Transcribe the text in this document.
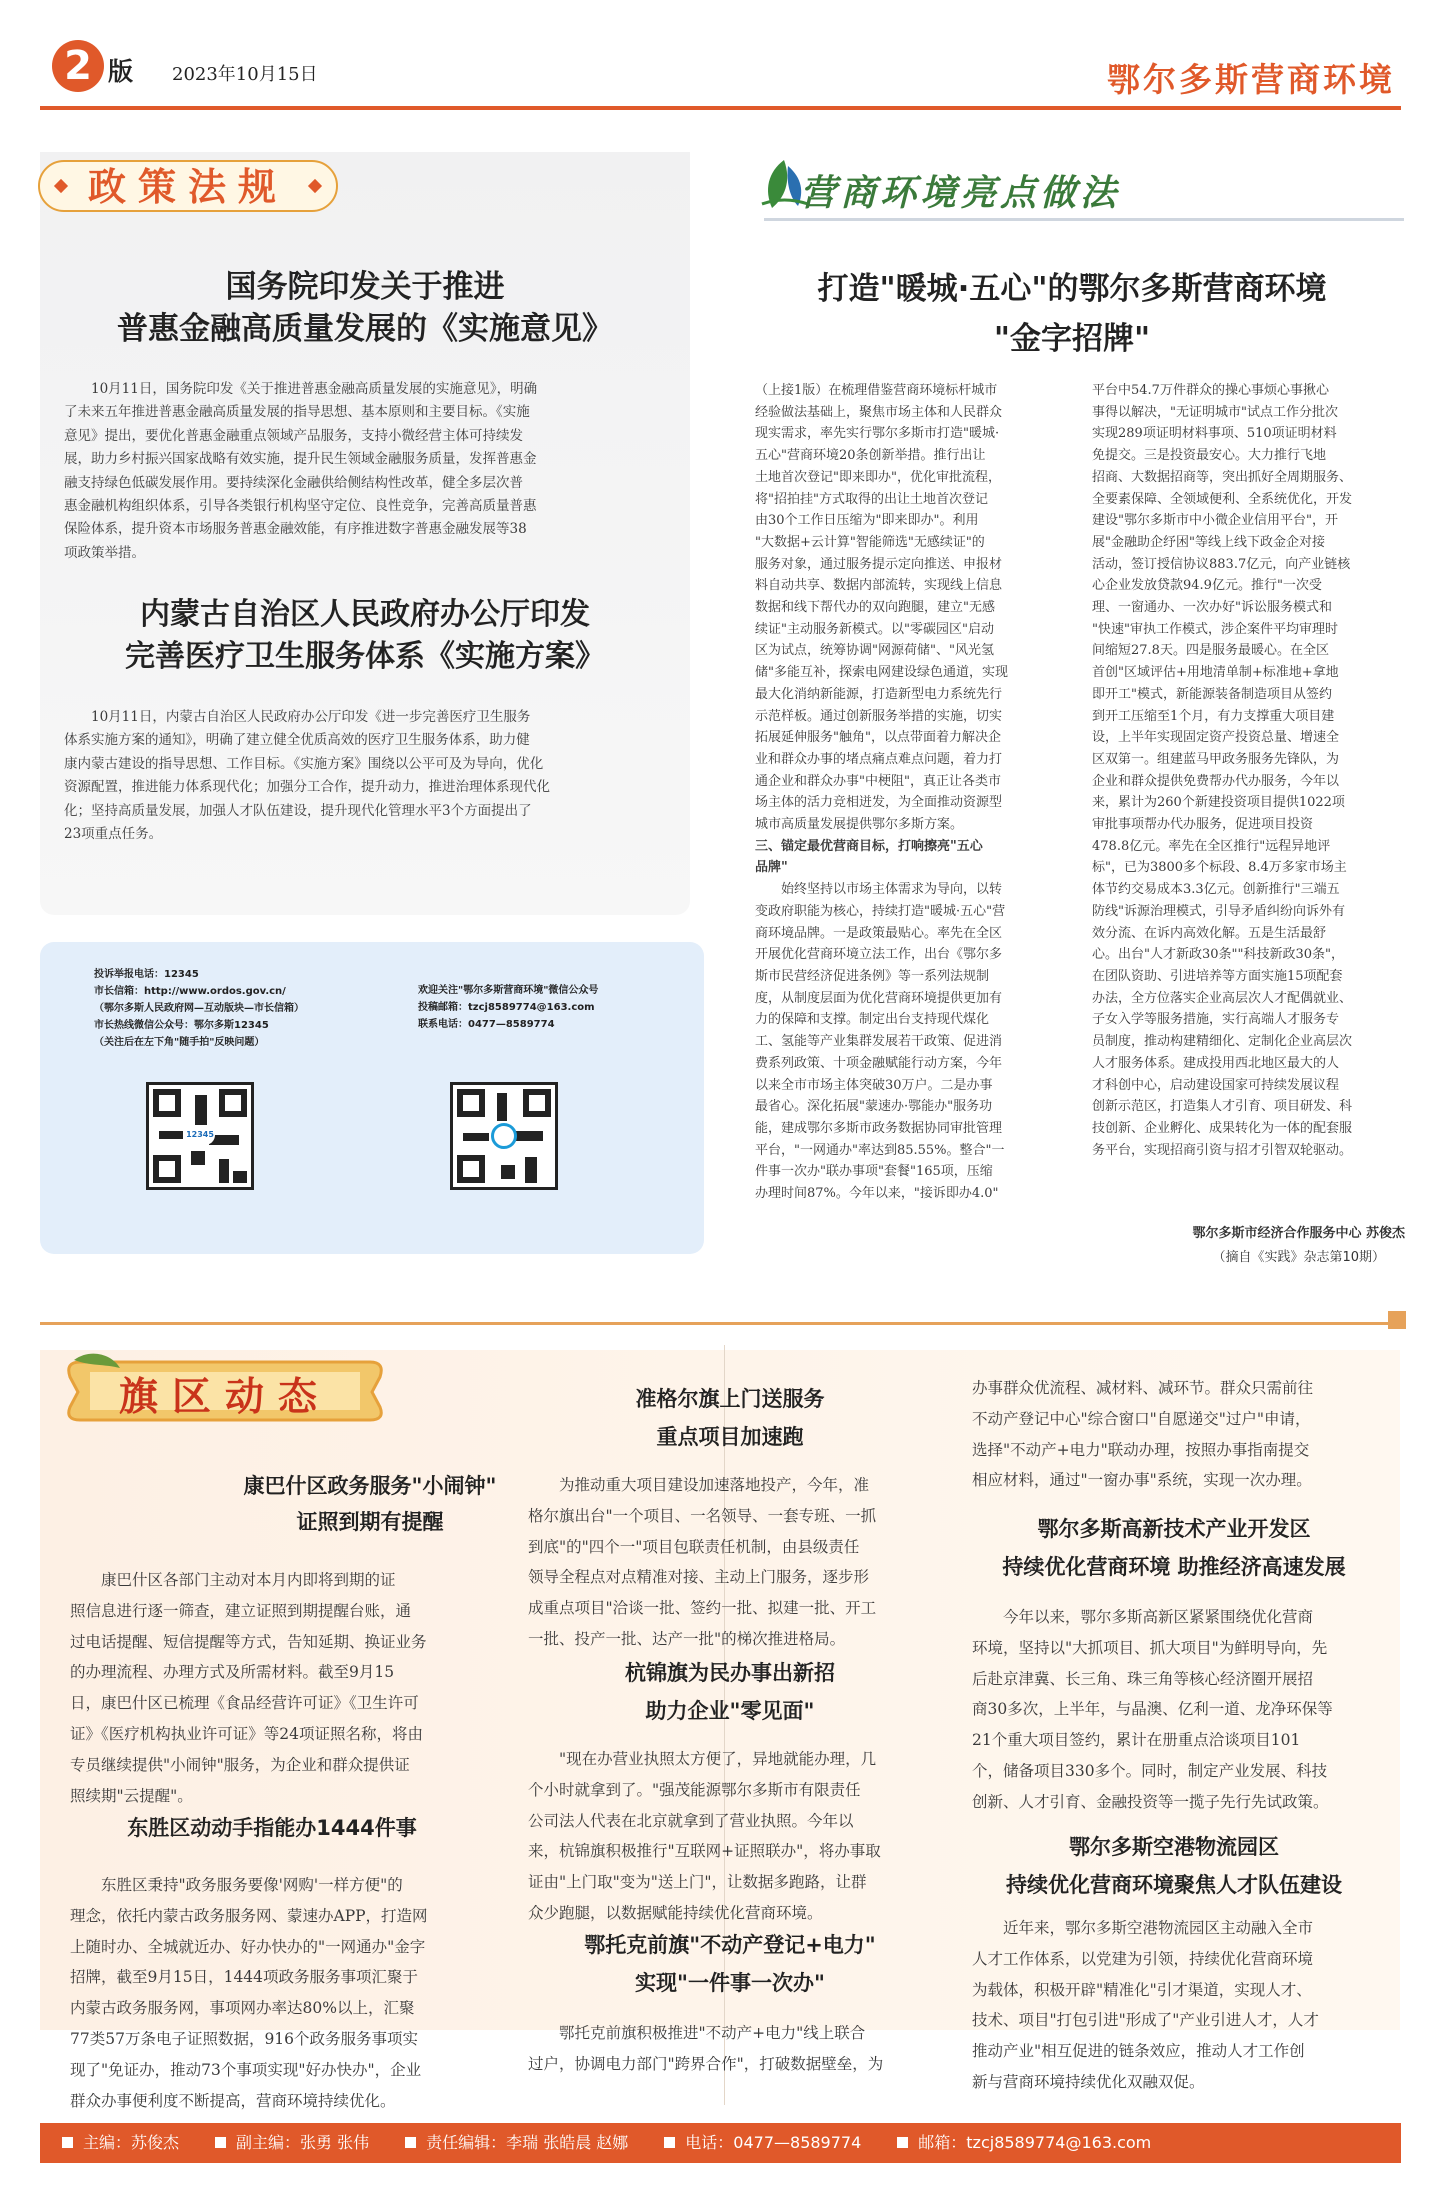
2 版 2023年10月15日	鄂尔多斯营商环境
政策法规
国务院印发关于推进
普惠金融高质量发展的《实施意见》
10月11日，国务院印发《关于推进普惠金融高质量发展的实施意见》，明确
了未来五年推进普惠金融高质量发展的指导思想、基本原则和主要目标。《实施
意见》提出，要优化普惠金融重点领域产品服务，支持小微经营主体可持续发
展，助力乡村振兴国家战略有效实施，提升民生领域金融服务质量，发挥普惠金
融支持绿色低碳发展作用。要持续深化金融供给侧结构性改革，健全多层次普
惠金融机构组织体系，引导各类银行机构坚守定位、良性竞争，完善高质量普惠
保险体系，提升资本市场服务普惠金融效能，有序推进数字普惠金融发展等38
项政策举措。
内蒙古自治区人民政府办公厅印发
完善医疗卫生服务体系《实施方案》
10月11日，内蒙古自治区人民政府办公厅印发《进一步完善医疗卫生服务
体系实施方案的通知》，明确了建立健全优质高效的医疗卫生服务体系，助力健
康内蒙古建设的指导思想、工作目标。《实施方案》围绕以公平可及为导向，优化
资源配置，推进能力体系现代化；加强分工合作，提升动力，推进治理体系现代化
化；坚持高质量发展，加强人才队伍建设，提升现代化管理水平3个方面提出了
23项重点任务。
投诉举报电话：12345
市长信箱：http://www.ordos.gov.cn/
（鄂尔多斯人民政府网—互动版块—市长信箱）
市长热线微信公众号：鄂尔多斯12345
（关注后在左下角"随手拍"反映问题）
欢迎关注"鄂尔多斯营商环境"微信公众号
投稿邮箱：tzcj8589774@163.com
联系电话：0477—8589774
12345
营商环境亮点做法
打造"暖城·五心"的鄂尔多斯营商环境
"金字招牌"
（上接1版）在梳理借鉴营商环境标杆城市
经验做法基础上，聚焦市场主体和人民群众
现实需求，率先实行鄂尔多斯市打造"暖城·
五心"营商环境20条创新举措。推行出让
土地首次登记"即来即办"，优化审批流程，
将"招拍挂"方式取得的出让土地首次登记
由30个工作日压缩为"即来即办"。利用
"大数据+云计算"智能筛选"无感续证"的
服务对象，通过服务提示定向推送、申报材
料自动共享、数据内部流转，实现线上信息
数据和线下帮代办的双向跑腿，建立"无感
续证"主动服务新模式。以"零碳园区"启动
区为试点，统筹协调"网源荷储"、"风光氢
储"多能互补，探索电网建设绿色通道，实现
最大化消纳新能源，打造新型电力系统先行
示范样板。通过创新服务举措的实施，切实
拓展延伸服务"触角"，以点带面着力解决企
业和群众办事的堵点痛点难点问题，着力打
通企业和群众办事"中梗阻"，真正让各类市
场主体的活力竞相迸发，为全面推动资源型
城市高质量发展提供鄂尔多斯方案。
三、锚定最优营商目标，打响擦亮"五心
品牌"
始终坚持以市场主体需求为导向，以转
变政府职能为核心，持续打造"暖城·五心"营
商环境品牌。一是政策最贴心。率先在全区
开展优化营商环境立法工作，出台《鄂尔多
斯市民营经济促进条例》等一系列法规制
度，从制度层面为优化营商环境提供更加有
力的保障和支撑。制定出台支持现代煤化
工、氢能等产业集群发展若干政策、促进消
费系列政策、十项金融赋能行动方案，今年
以来全市市场主体突破30万户。二是办事
最省心。深化拓展"蒙速办·鄂能办"服务功
能，建成鄂尔多斯市政务数据协同审批管理
平台，"一网通办"率达到85.55%。整合"一
件事一次办"联办事项"套餐"165项，压缩
办理时间87%。今年以来，"接诉即办4.0"
平台中54.7万件群众的操心事烦心事揪心
事得以解决，"无证明城市"试点工作分批次
实现289项证明材料事项、510项证明材料
免提交。三是投资最安心。大力推行飞地
招商、大数据招商等，突出抓好全周期服务、
全要素保障、全领域便利、全系统优化，开发
建设"鄂尔多斯市中小微企业信用平台"，开
展"金融助企纾困"等线上线下政金企对接
活动，签订授信协议883.7亿元，向产业链核
心企业发放贷款94.9亿元。推行"一次受
理、一窗通办、一次办好"诉讼服务模式和
"快速"审执工作模式，涉企案件平均审理时
间缩短27.8天。四是服务最暖心。在全区
首创"区域评估+用地清单制+标准地+拿地
即开工"模式，新能源装备制造项目从签约
到开工压缩至1个月，有力支撑重大项目建
设，上半年实现固定资产投资总量、增速全
区双第一。组建蓝马甲政务服务先锋队，为
企业和群众提供免费帮办代办服务，今年以
来，累计为260个新建投资项目提供1022项
审批事项帮办代办服务，促进项目投资
478.8亿元。率先在全区推行"远程异地评
标"，已为3800多个标段、8.4万多家市场主
体节约交易成本3.3亿元。创新推行"三端五
防线"诉源治理模式，引导矛盾纠纷向诉外有
效分流、在诉内高效化解。五是生活最舒
心。出台"人才新政30条""科技新政30条"，
在团队资助、引进培养等方面实施15项配套
办法，全方位落实企业高层次人才配偶就业、
子女入学等服务措施，实行高端人才服务专
员制度，推动构建精细化、定制化企业高层次
人才服务体系。建成投用西北地区最大的人
才科创中心，启动建设国家可持续发展议程
创新示范区，打造集人才引育、项目研发、科
技创新、企业孵化、成果转化为一体的配套服
务平台，实现招商引资与招才引智双轮驱动。
鄂尔多斯市经济合作服务中心 苏俊杰
（摘自《实践》杂志第10期）
旗区动态
康巴什区政务服务"小闹钟"
证照到期有提醒
康巴什区各部门主动对本月内即将到期的证
照信息进行逐一筛查，建立证照到期提醒台账，通
过电话提醒、短信提醒等方式，告知延期、换证业务
的办理流程、办理方式及所需材料。截至9月15
日，康巴什区已梳理《食品经营许可证》《卫生许可
证》《医疗机构执业许可证》等24项证照名称，将由
专员继续提供"小闹钟"服务，为企业和群众提供证
照续期"云提醒"。
东胜区动动手指能办1444件事
东胜区秉持"政务服务要像'网购'一样方便"的
理念，依托内蒙古政务服务网、蒙速办APP，打造网
上随时办、全城就近办、好办快办的"一网通办"金字
招牌，截至9月15日，1444项政务服务事项汇聚于
内蒙古政务服务网，事项网办率达80%以上，汇聚
77类57万条电子证照数据，916个政务服务事项实
现了"免证办，推动73个事项实现"好办快办"，企业
群众办事便利度不断提高，营商环境持续优化。
准格尔旗上门送服务
重点项目加速跑
为推动重大项目建设加速落地投产，今年，准
格尔旗出台"一个项目、一名领导、一套专班、一抓
到底"的"四个一"项目包联责任机制，由县级责任
领导全程点对点精准对接、主动上门服务，逐步形
成重点项目"洽谈一批、签约一批、拟建一批、开工
一批、投产一批、达产一批"的梯次推进格局。
杭锦旗为民办事出新招
助力企业"零见面"
"现在办营业执照太方便了，异地就能办理，几
个小时就拿到了。"强茂能源鄂尔多斯市有限责任
公司法人代表在北京就拿到了营业执照。今年以
来，杭锦旗积极推行"互联网+证照联办"，将办事取
证由"上门取"变为"送上门"，让数据多跑路，让群
众少跑腿，以数据赋能持续优化营商环境。
鄂托克前旗"不动产登记+电力"
实现"一件事一次办"
鄂托克前旗积极推进"不动产+电力"线上联合
过户，协调电力部门"跨界合作"，打破数据壁垒，为
办事群众优流程、减材料、减环节。群众只需前往
不动产登记中心"综合窗口"自愿递交"过户"申请，
选择"不动产+电力"联动办理，按照办事指南提交
相应材料，通过"一窗办事"系统，实现一次办理。
鄂尔多斯高新技术产业开发区
持续优化营商环境 助推经济高速发展
今年以来，鄂尔多斯高新区紧紧围绕优化营商
环境，坚持以"大抓项目、抓大项目"为鲜明导向，先
后赴京津冀、长三角、珠三角等核心经济圈开展招
商30多次，上半年，与晶澳、亿利一道、龙净环保等
21个重大项目签约，累计在册重点洽谈项目101
个，储备项目330多个。同时，制定产业发展、科技
创新、人才引育、金融投资等一揽子先行先试政策。
鄂尔多斯空港物流园区
持续优化营商环境聚焦人才队伍建设
近年来，鄂尔多斯空港物流园区主动融入全市
人才工作体系，以党建为引领，持续优化营商环境
为载体，积极开辟"精准化"引才渠道，实现人才、
技术、项目"打包引进"形成了"产业引进人才，人才
推动产业"相互促进的链条效应，推动人才工作创
新与营商环境持续优化双融双促。
主编：苏俊杰	副主编：张勇 张伟	责任编辑：李瑞 张皓晨 赵娜	电话：0477—8589774	邮箱：tzcj8589774@163.com
